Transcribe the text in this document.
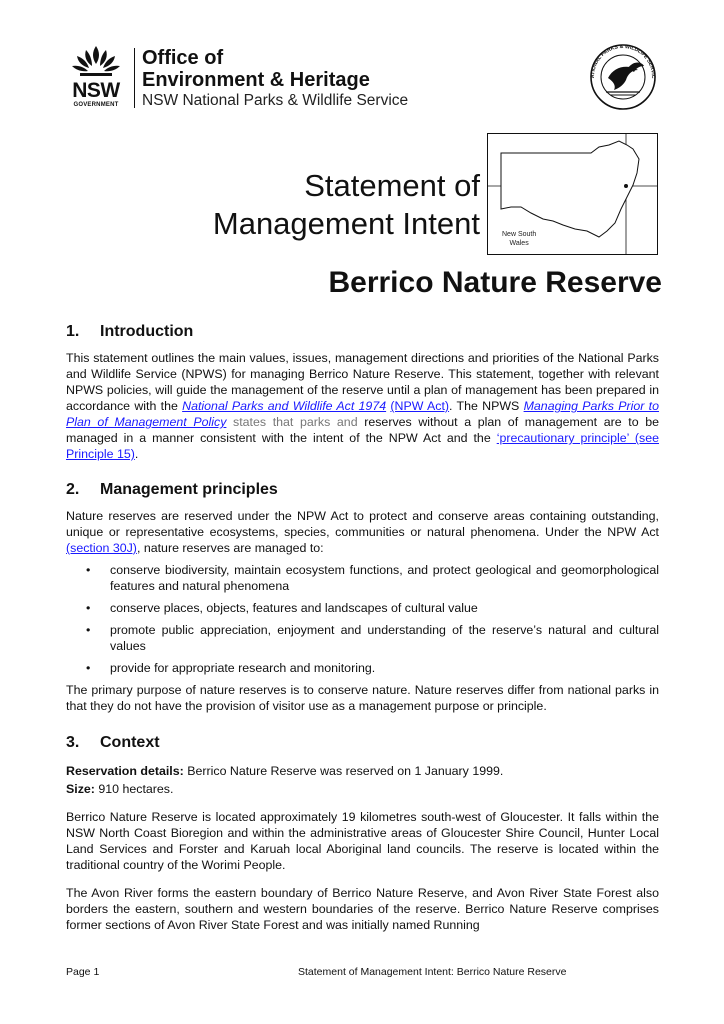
NSW
GOVERNMENT
Office of
Environment & Heritage
NSW National Parks & Wildlife Service
ATIONAL PARKS & WILDLIFE SERVIC
Statement of
Management Intent	New South
Wales
Berrico Nature Reserve
1. Introduction

This statement outlines the main values, issues, management directions and priorities of the National Parks and Wildlife Service (NPWS) for managing Berrico Nature Reserve. This statement, together with relevant NPWS policies, will guide the management of the reserve until a plan of management has been prepared in accordance with the National Parks and Wildlife Act 1974 (NPW Act). The NPWS Managing Parks Prior to Plan of Management Policy states that parks and reserves without a plan of management are to be managed in a manner consistent with the intent of the NPW Act and the ‘precautionary principle’ (see Principle 15).

2. Management principles

Nature reserves are reserved under the NPW Act to protect and conserve areas containing outstanding, unique or representative ecosystems, species, communities or natural phenomena. Under the NPW Act (section 30J), nature reserves are managed to:

• conserve biodiversity, maintain ecosystem functions, and protect geological and geomorphological features and natural phenomena
• conserve places, objects, features and landscapes of cultural value
• promote public appreciation, enjoyment and understanding of the reserve’s natural and cultural values
• provide for appropriate research and monitoring.

The primary purpose of nature reserves is to conserve nature. Nature reserves differ from national parks in that they do not have the provision of visitor use as a management purpose or principle.

3. Context

Reservation details: Berrico Nature Reserve was reserved on 1 January 1999.

Size: 910 hectares.

Berrico Nature Reserve is located approximately 19 kilometres south-west of Gloucester. It falls within the NSW North Coast Bioregion and within the administrative areas of Gloucester Shire Council, Hunter Local Land Services and Forster and Karuah local Aboriginal land councils. The reserve is located within the traditional country of the Worimi People.

The Avon River forms the eastern boundary of Berrico Nature Reserve, and Avon River State Forest also borders the eastern, southern and western boundaries of the reserve. Berrico Nature Reserve comprises former sections of Avon River State Forest and was initially named Running

Page 1	Statement of Management Intent: Berrico Nature Reserve
